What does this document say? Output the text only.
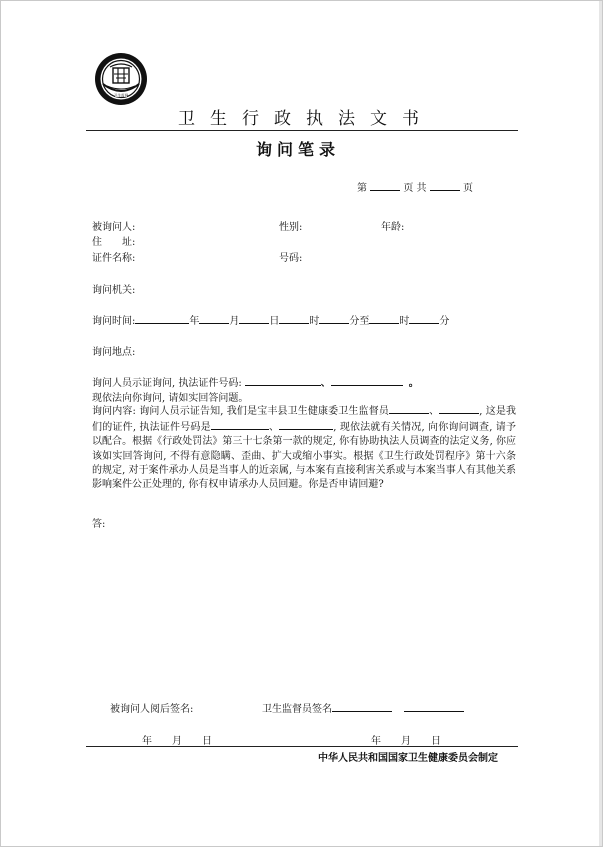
卫生监督
卫生行政执法文书
询问笔录
第	页 共	页
被询问人:	性别:	年龄:
住　　址:
证件名称:	号码:
询问机关:
询问时间:	年	月	日	时	分至	时	分
询问地点:
询问人员示证询问, 执法证件号码:	、	。
现依法向你询问, 请如实回答问题。
询问内容: 询问人员示证告知, 我们是宝丰县卫生健康委卫生监督员	、	, 这是我们的证件, 执法证件号码是	、	, 现依法就有关情况, 向你询问调查, 请予以配合。根据《行政处罚法》第三十七条第一款的规定, 你有协助执法人员调查的法定义务, 你应该如实回答询问, 不得有意隐瞒、歪曲、扩大或缩小事实。根据《卫生行政处罚程序》第十六条的规定, 对于案件承办人员是当事人的近亲属, 与本案有直接利害关系或与本案当事人有其他关系影响案件公正处理的, 你有权申请承办人员回避。你是否申请回避?
答:
被询问人阅后签名:	卫生监督员签名
年　　月　　日	年　　月　　日
中华人民共和国国家卫生健康委员会制定
